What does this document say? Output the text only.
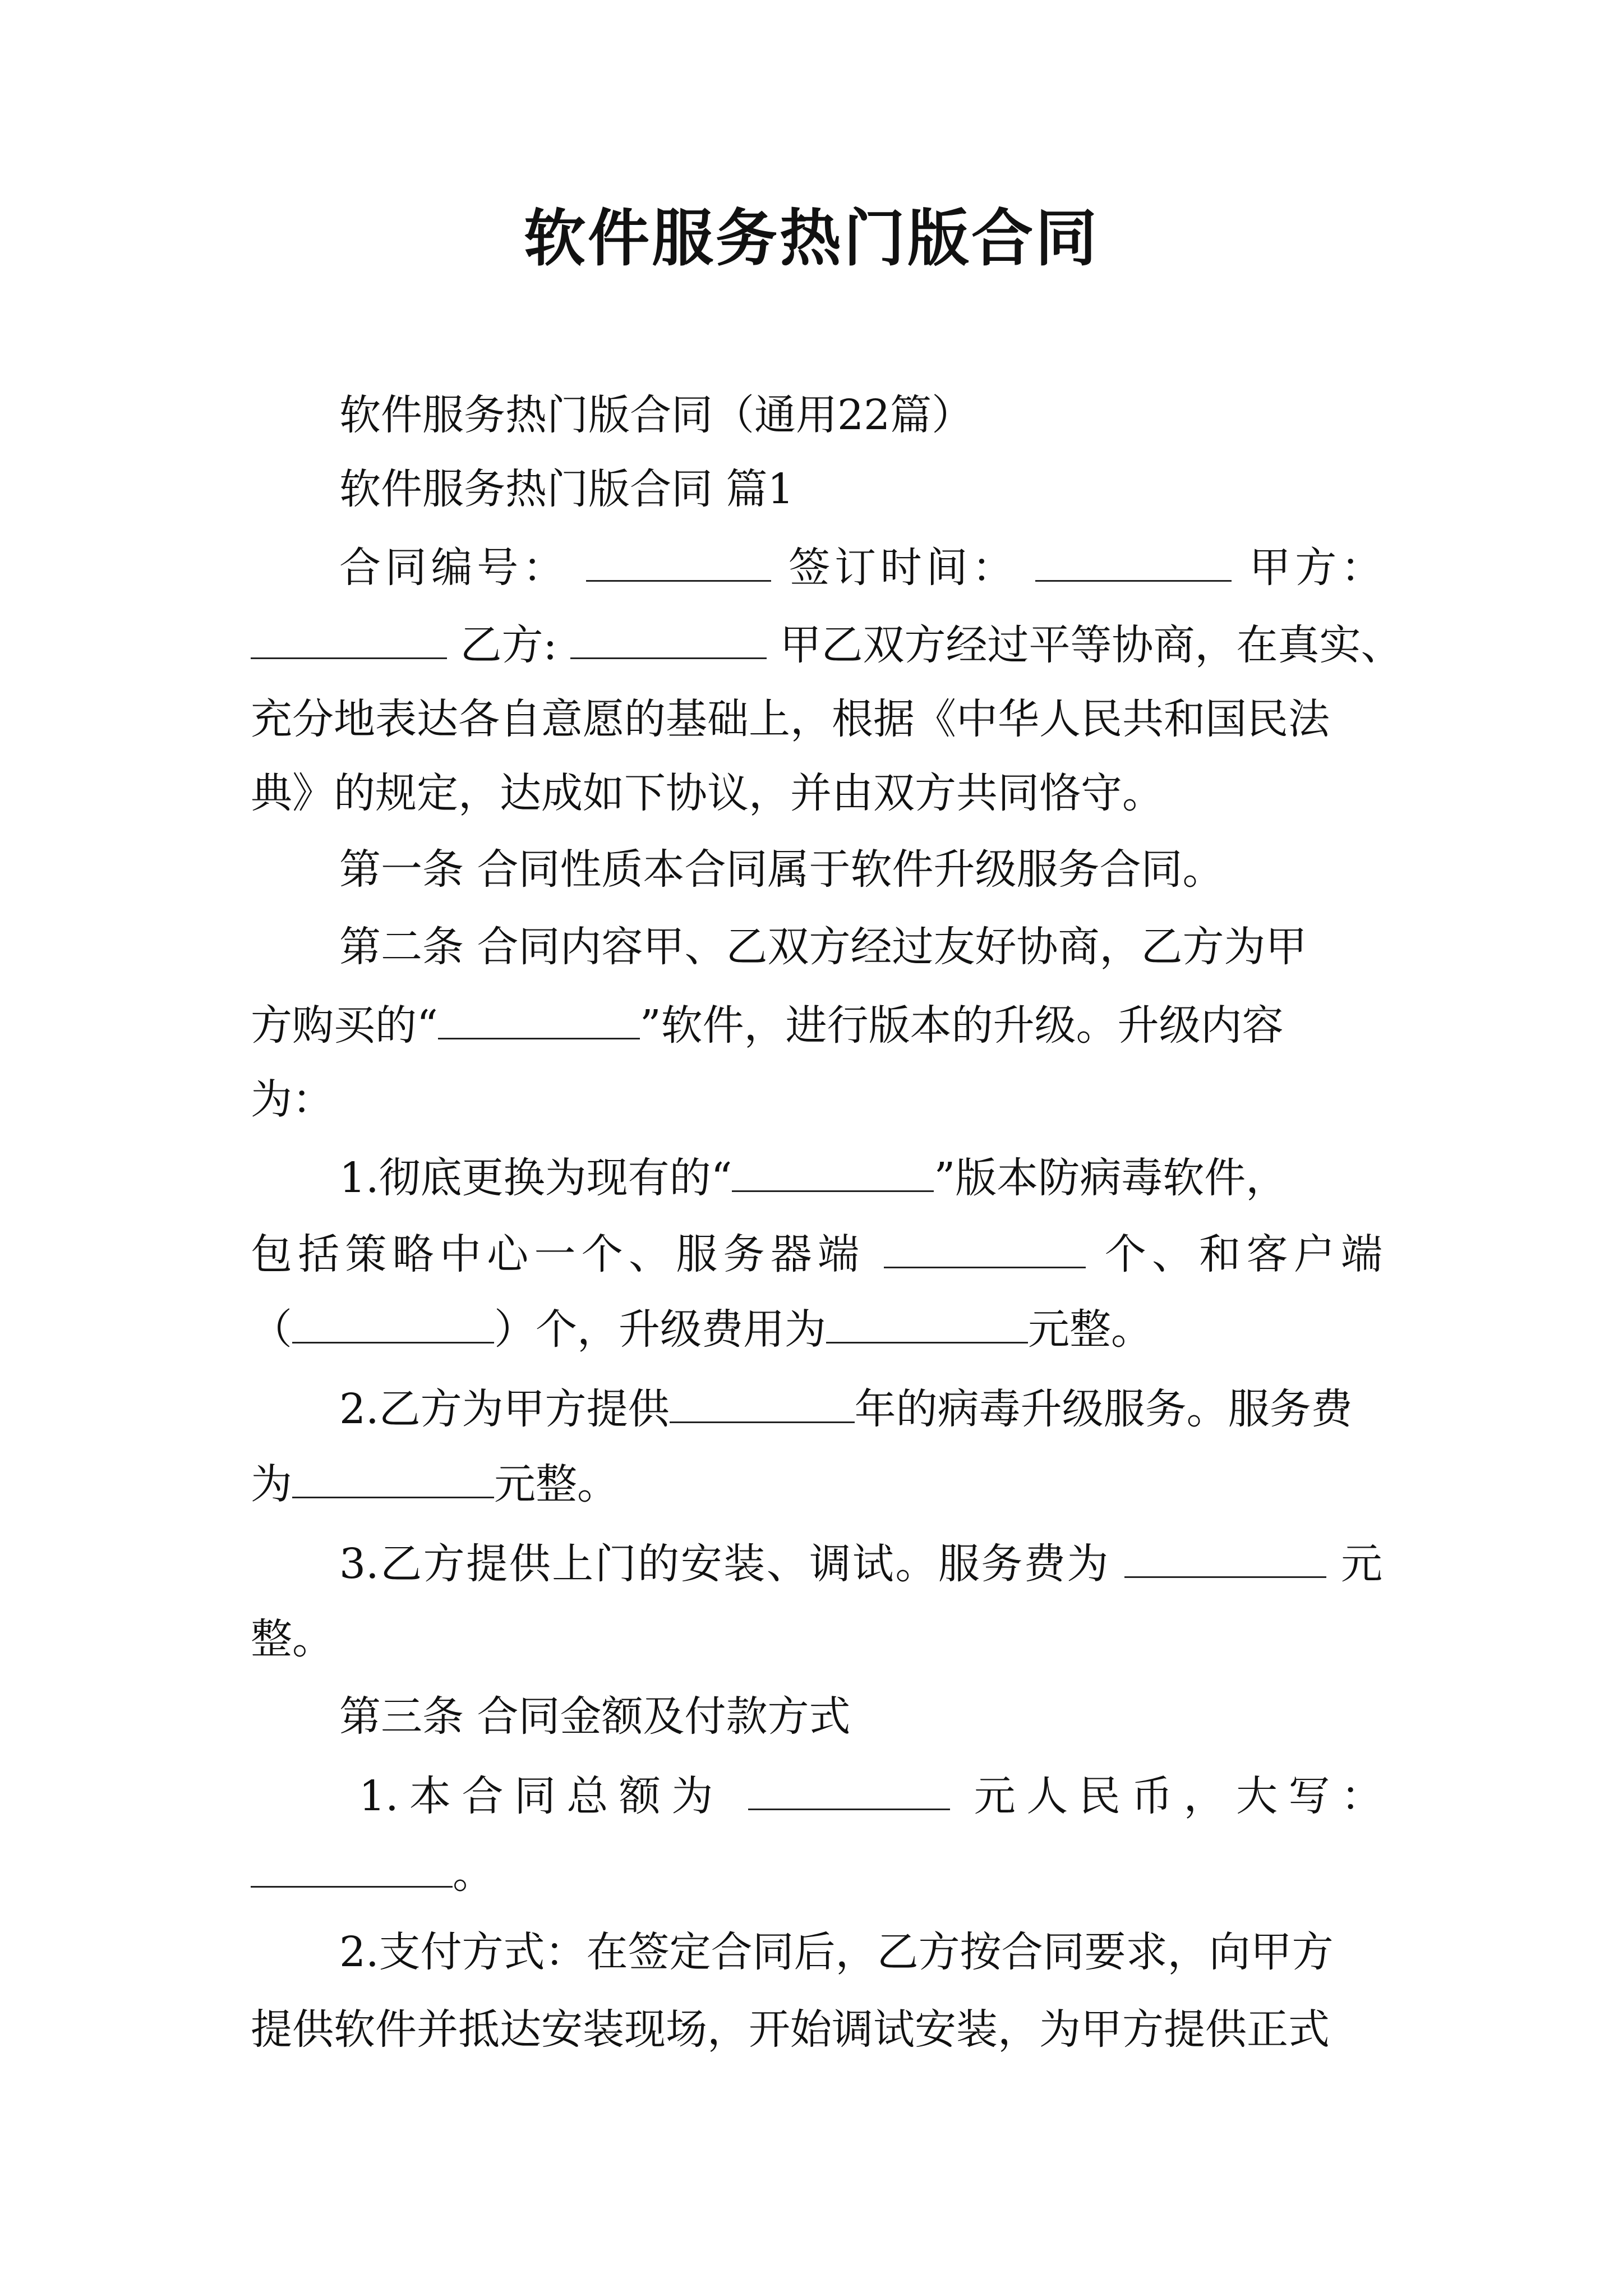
软件服务热门版合同
软件服务热门版合同（通用22篇）
软件服务热门版合同 篇1
合同编号：	签订时间：	甲方：
乙方:	甲乙双方经过平等协商，在真实、
充分地表达各自意愿的基础上，根据《中华人民共和国民法
典》的规定，达成如下协议，并由双方共同恪守。
第一条 合同性质本合同属于软件升级服务合同。
第二条 合同内容甲、乙双方经过友好协商，乙方为甲
方购买的“	”软件，进行版本的升级。升级内容
为：
1.彻底更换为现有的“	”版本防病毒软件，
包括策略中心一个、服务器端	个、和客户端
（	）个，升级费用为	元整。
2.乙方为甲方提供	年的病毒升级服务。服务费
为	元整。
3.乙方提供上门的安装、调试。服务费为	元
整。
第三条 合同金额及付款方式
1.本合同总额为	元人民币，大写：
。
2.支付方式：在签定合同后，乙方按合同要求，向甲方
提供软件并抵达安装现场，开始调试安装，为甲方提供正式
